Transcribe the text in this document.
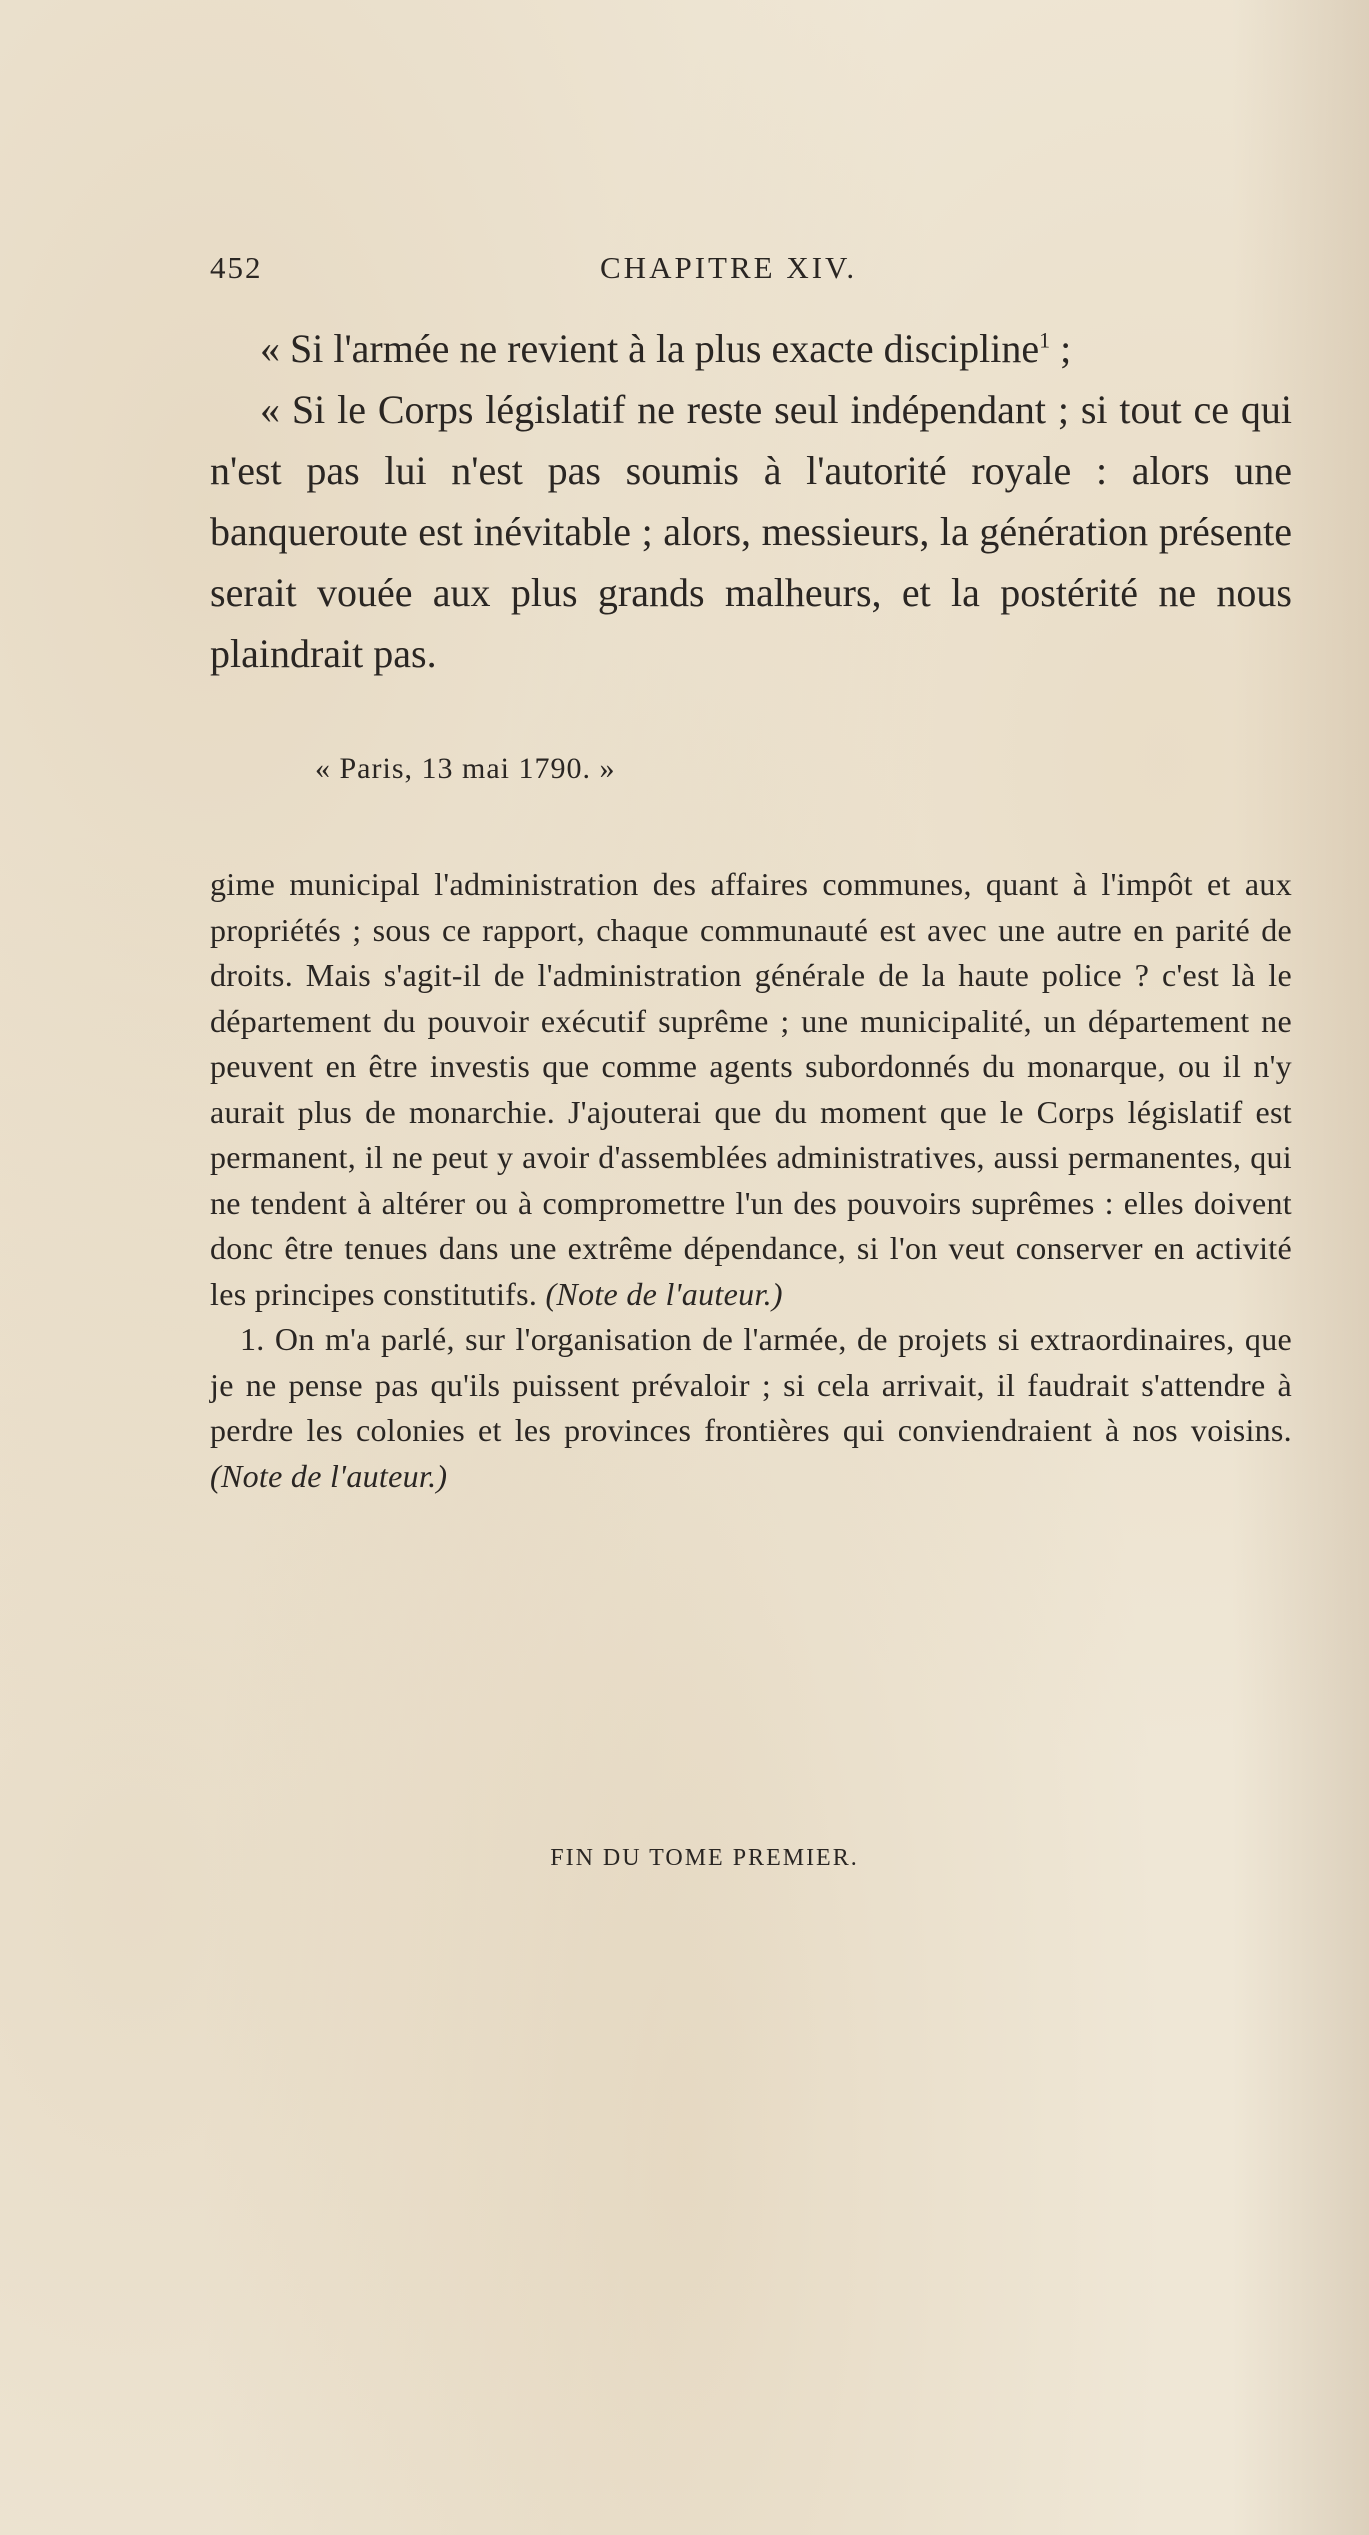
452	CHAPITRE XIV.

« Si l'armée ne revient à la plus exacte discipline$^1$ ;

« Si le Corps législatif ne reste seul indépendant ; si tout ce qui n'est pas lui n'est pas soumis à l'autorité royale : alors une banqueroute est inévitable ; alors, messieurs, la génération présente serait vouée aux plus grands malheurs, et la postérité ne nous plaindrait pas.

« Paris, 13 mai 1790. »

gime municipal l'administration des affaires communes, quant à l'impôt et aux propriétés ; sous ce rapport, chaque communauté est avec une autre en parité de droits. Mais s'agit-il de l'administration générale de la haute police ? c'est là le département du pouvoir exécutif suprême ; une municipalité, un département ne peuvent en être investis que comme agents subordonnés du monarque, ou il n'y aurait plus de monarchie. J'ajouterai que du moment que le Corps législatif est permanent, il ne peut y avoir d'assemblées administratives, aussi permanentes, qui ne tendent à altérer ou à compromettre l'un des pouvoirs suprêmes : elles doivent donc être tenues dans une extrême dépendance, si l'on veut conserver en activité les principes constitutifs. (Note de l'auteur.)

1. On m'a parlé, sur l'organisation de l'armée, de projets si extraordinaires, que je ne pense pas qu'ils puissent prévaloir ; si cela arrivait, il faudrait s'attendre à perdre les colonies et les provinces frontières qui conviendraient à nos voisins. (Note de l'auteur.)

FIN DU TOME PREMIER.
